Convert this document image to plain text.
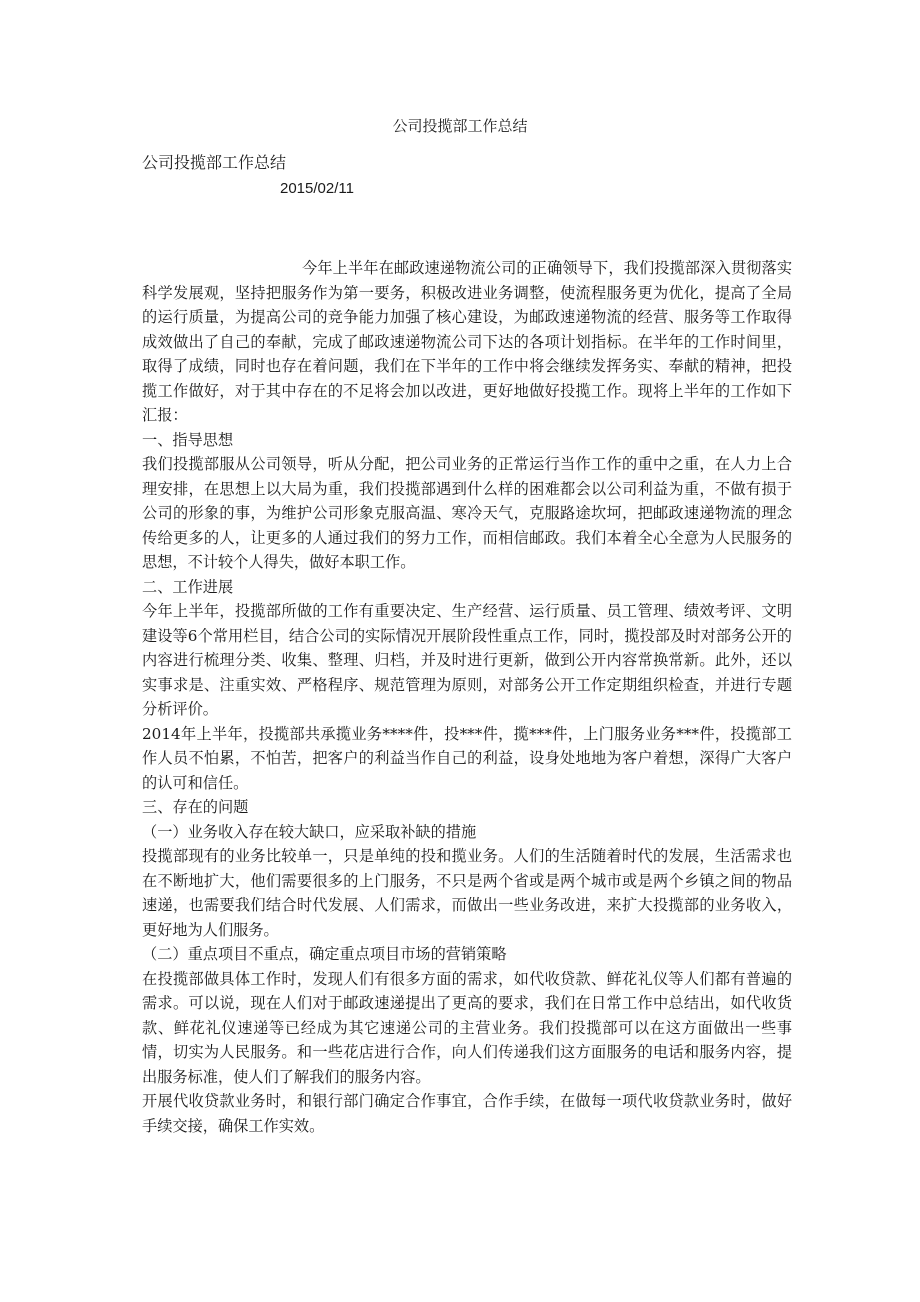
公司投揽部工作总结

公司投揽部工作总结

2015/02/11

今年上半年在邮政速递物流公司的正确领导下，我们投揽部深入贯彻落实科学发展观，坚持把服务作为第一要务，积极改进业务调整，使流程服务更为优化，提高了全局的运行质量，为提高公司的竞争能力加强了核心建设，为邮政速递物流的经营、服务等工作取得成效做出了自己的奉献，完成了邮政速递物流公司下达的各项计划指标。在半年的工作时间里，取得了成绩，同时也存在着问题，我们在下半年的工作中将会继续发挥务实、奉献的精神，把投揽工作做好，对于其中存在的不足将会加以改进，更好地做好投揽工作。现将上半年的工作如下汇报：

一、指导思想

我们投揽部服从公司领导，听从分配，把公司业务的正常运行当作工作的重中之重，在人力上合理安排，在思想上以大局为重，我们投揽部遇到什么样的困难都会以公司利益为重，不做有损于公司的形象的事，为维护公司形象克服高温、寒冷天气，克服路途坎坷，把邮政速递物流的理念传给更多的人，让更多的人通过我们的努力工作，而相信邮政。我们本着全心全意为人民服务的思想，不计较个人得失，做好本职工作。

二、工作进展

今年上半年，投揽部所做的工作有重要决定、生产经营、运行质量、员工管理、绩效考评、文明建设等6个常用栏目，结合公司的实际情况开展阶段性重点工作，同时，揽投部及时对部务公开的内容进行梳理分类、收集、整理、归档，并及时进行更新，做到公开内容常换常新。此外，还以实事求是、注重实效、严格程序、规范管理为原则，对部务公开工作定期组织检查，并进行专题分析评价。

2014年上半年，投揽部共承揽业务****件，投***件，揽***件，上门服务业务***件，投揽部工作人员不怕累，不怕苦，把客户的利益当作自己的利益，设身处地地为客户着想，深得广大客户的认可和信任。

三、存在的问题

（一）业务收入存在较大缺口，应采取补缺的措施

投揽部现有的业务比较单一，只是单纯的投和揽业务。人们的生活随着时代的发展，生活需求也在不断地扩大，他们需要很多的上门服务，不只是两个省或是两个城市或是两个乡镇之间的物品速递，也需要我们结合时代发展、人们需求，而做出一些业务改进，来扩大投揽部的业务收入，更好地为人们服务。

（二）重点项目不重点，确定重点项目市场的营销策略

在投揽部做具体工作时，发现人们有很多方面的需求，如代收贷款、鲜花礼仪等人们都有普遍的需求。可以说，现在人们对于邮政速递提出了更高的要求，我们在日常工作中总结出，如代收货款、鲜花礼仪速递等已经成为其它速递公司的主营业务。我们投揽部可以在这方面做出一些事情，切实为人民服务。和一些花店进行合作，向人们传递我们这方面服务的电话和服务内容，提出服务标准，使人们了解我们的服务内容。

开展代收贷款业务时，和银行部门确定合作事宜，合作手续，在做每一项代收贷款业务时，做好手续交接，确保工作实效。
